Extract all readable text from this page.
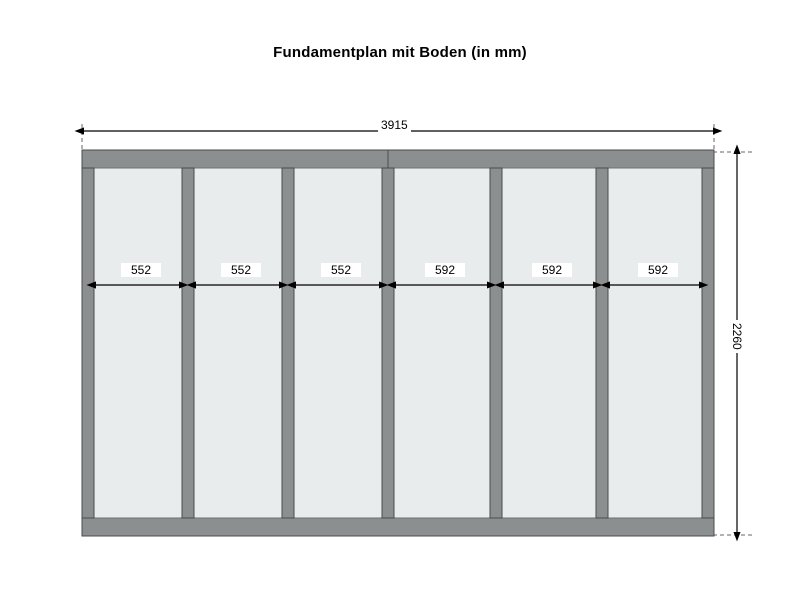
Fundamentplan mit Boden (in mm)
3915
2260
552	552	552	592	592	592
